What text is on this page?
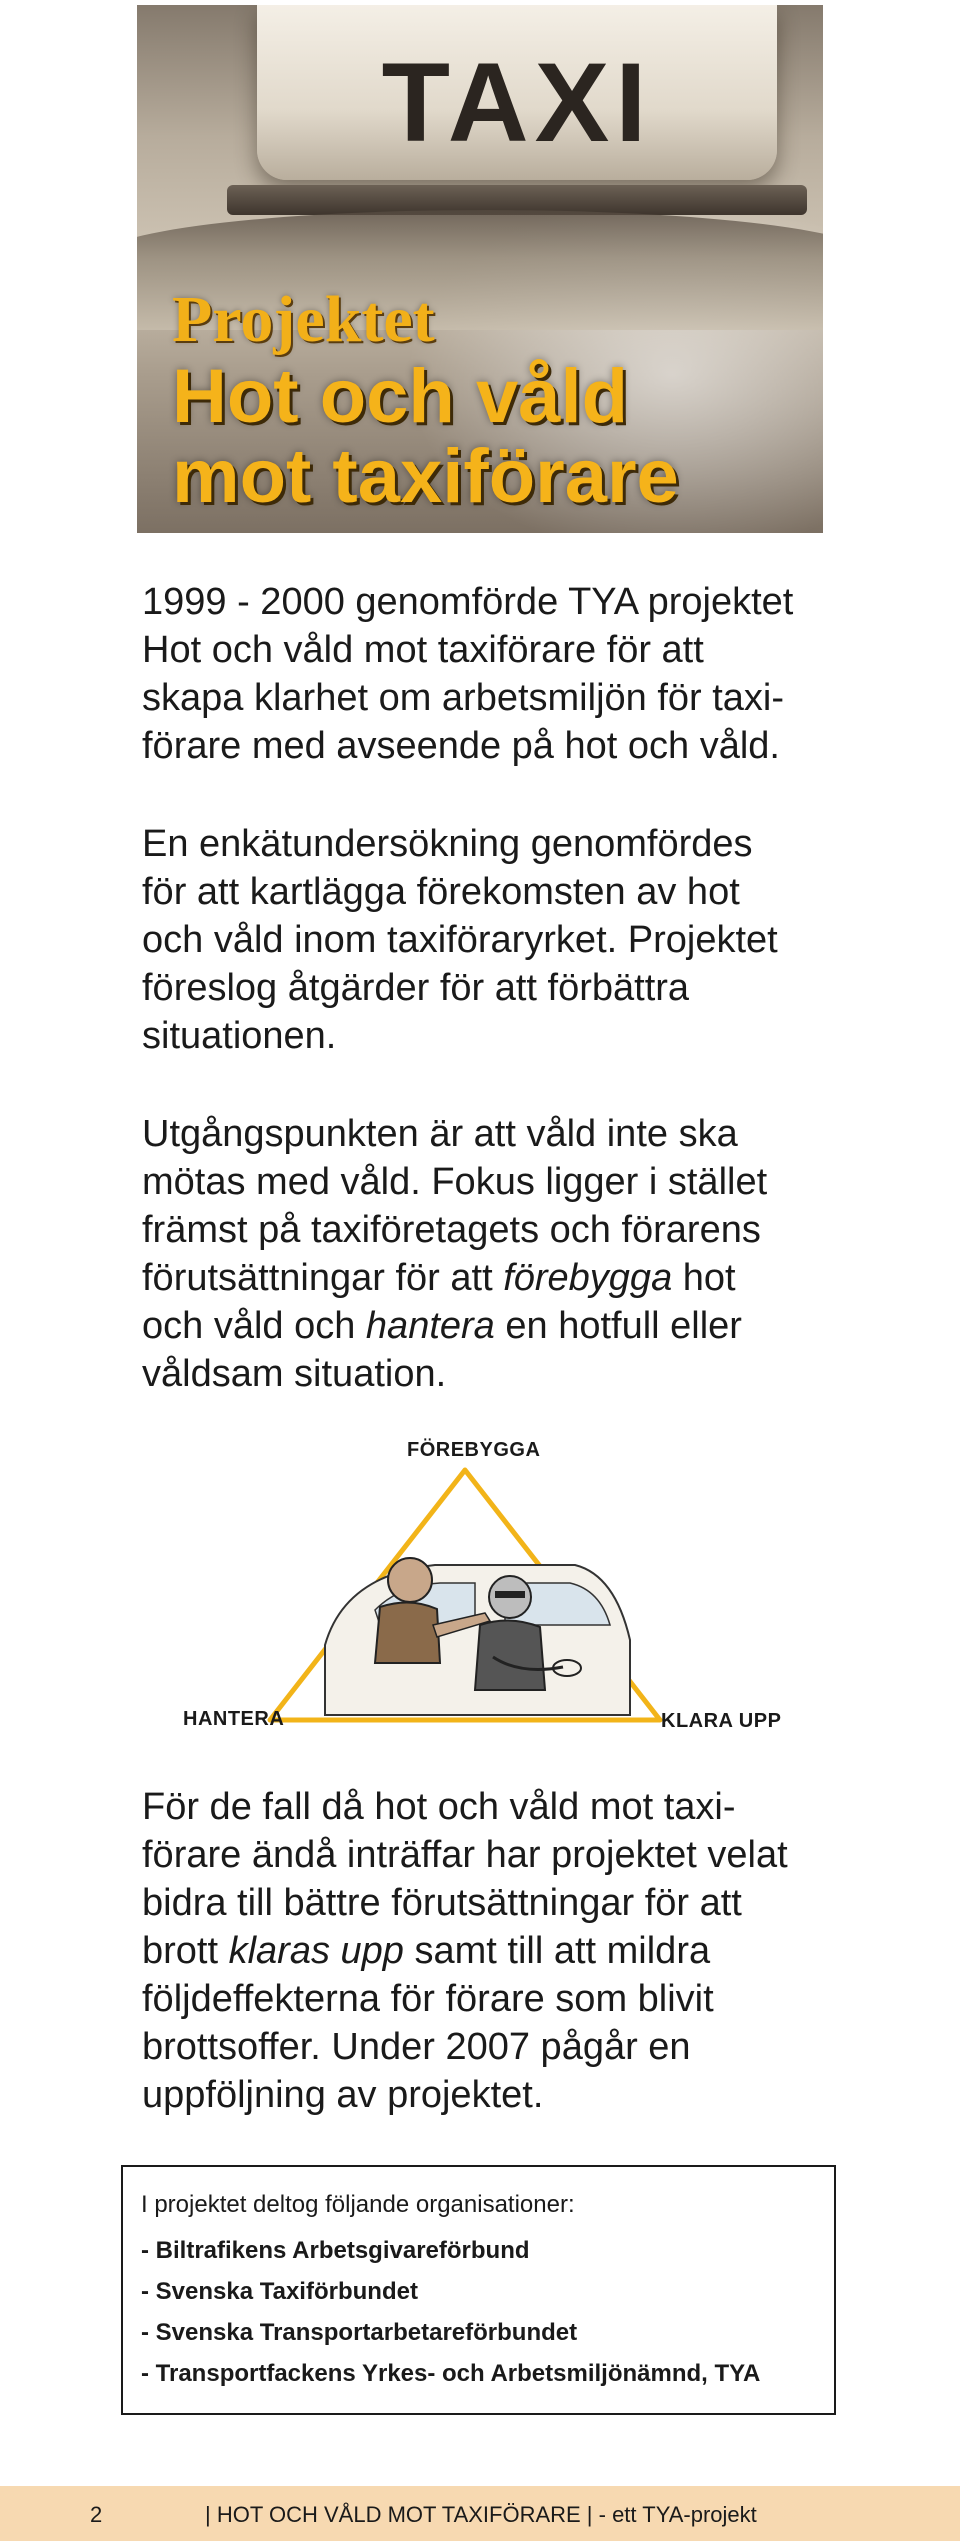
TAXI
Projektet
Hot och våld
mot taxiförare

1999 - 2000 genomförde TYA projektet
Hot och våld mot taxiförare för att
skapa klarhet om arbetsmiljön för taxi-
förare med avseende på hot och våld.

En enkätundersökning genomfördes
för att kartlägga förekomsten av hot
och våld inom taxiföraryrket. Projektet
föreslog åtgärder för att förbättra
situationen.

Utgångspunkten är att våld inte ska
mötas med våld. Fokus ligger i stället
främst på taxiföretagets och förarens
förutsättningar för att förebygga hot
och våld och hantera en hotfull eller
våldsam situation.

FÖREBYGGA
HANTERA	KLARA UPP

För de fall då hot och våld mot taxi-
förare ändå inträffar har projektet velat
bidra till bättre förutsättningar för att
brott klaras upp samt till att mildra
följdeffekterna för förare som blivit
brottsoffer. Under 2007 pågår en
uppföljning av projektet.

I projektet deltog följande organisationer:

- Biltrafikens Arbetsgivareförbund
- Svenska Taxiförbundet
- Svenska Transportarbetareförbundet
- Transportfackens Yrkes- och Arbetsmiljönämnd, TYA
2	| HOT OCH VÅLD MOT TAXIFÖRARE | - ett TYA-projekt
